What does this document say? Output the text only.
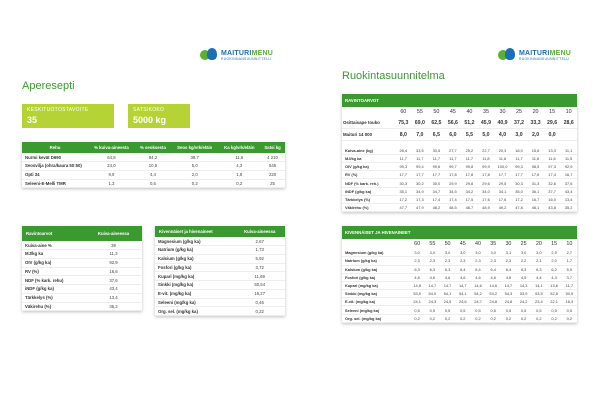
MAITURIMENU
RUOKINNANSUUNNITTELU
Aperesepti
KESKITUOTOSTAVOITE
35
SATSIKOKO
5000 kg
Rehu	% kuiva-aineesta	% seoksesta	Seos kg/vrk/eläin	Ka kg/vrk/eläin	Satsi kg
Nurmi kevät D690	64,8	84,2	38,7	11,6	4 210
Seosvilja (ohra/kaura 50:50)	24,0	10,9	5,0	4,3	545
Opti 34	9,9	4,4	2,0	1,8	220
Seleeni-E-Melli TMR	1,3	0,5	0,2	0,2	25
Ravintoarvot	Kuiva-aineessa
Kuiva-aine %	39
MJ/kg ka	11,3
OIV (g/kg ka)	92,9
RV (%)	16,6
NDF (% kark. rehu)	37,6
iNDF (g/kg ka)	43,4
Tärkkelys (%)	13,4
Väkirehu (%)	35,2
Kivennäiset ja hivenaineet	Kuiva-aineessa
Magnesium (g/kg ka)	2,67
Natrium (g/kg ka)	1,73
Kalsium (g/kg ka)	5,92
Fosfori (g/kg ka)	3,72
Kupari (mg/kg ka)	11,69
Sinkki (mg/kg ka)	50,54
E-vit. (mg/kg ka)	16,27
Seleeni (mg/kg ka)	0,46
Org. sel. (mg/kg ka)	0,22
MAITURIMENU
RUOKINNANSUUNNITTELU
Ruokintasuunnitelma
RAVINTOARVOT											
	60	55	50	45	40	35	30	25	20	15	10
Osittaisape touko	75,3	69,0	62,5	56,6	51,2	45,9	40,9	37,2	33,3	29,6	28,6
Maituri 14 000	8,0	7,0	6,5	6,0	5,5	5,0	4,0	3,0	2,0	0,0	

Kuiva-aine (kg)	26,4	33,5	30,5	27,7	25,2	22,7	20,3	18,0	15,6	13,3	11,1
MJ/kg ka	11,7	11,7	11,7	11,7	11,7	11,8	11,8	11,7	11,6	11,6	11,5
OIV (g/kg ka)	99,3	99,4	99,6	99,7	99,8	99,9	100,0	99,3	98,5	97,3	92,9
RV (%)	17,7	17,7	17,7	17,8	17,8	17,8	17,7	17,7	17,6	17,4	16,7
NDF (% kark. reh.)	30,3	30,2	30,0	29,9	29,8	29,6	29,5	30,3	31,3	32,6	37,6
iNDF (g/kg ka)	35,1	34,9	34,7	34,5	34,2	34,0	34,1	35,0	36,1	37,7	43,4
Tärkkelys (%)	17,2	17,3	17,4	17,4	17,5	17,6	17,6	17,2	16,7	16,0	13,4
Väkirehu (%)	47,7	47,9	48,2	48,5	48,7	48,9	49,2	47,8	46,1	43,8	35,2
KIVENNÄISET JA HIVENAINEET											
	60	55	50	45	40	35	30	25	20	15	10
Magnesium (g/kg ka)	3,0	3,0	3,0	3,0	3,0	3,0	3,1	3,0	3,0	2,9	2,7
Natrium (g/kg ka)	2,3	2,3	2,3	2,3	2,3	2,3	2,3	2,2	2,1	2,0	1,7
Kalsium (g/kg ka)	6,3	6,3	6,3	6,4	6,4	6,4	6,4	6,3	6,3	6,2	5,9
Fosfori (g/kg ka)	4,6	4,6	4,6	4,6	4,6	4,6	4,6	4,5	4,4	4,3	3,7
Kupari (mg/kg ka)	14,8	14,7	14,7	14,7	14,6	14,6	14,7	14,3	14,1	13,6	11,7
Sinkki (mg/kg ka)	53,9	54,0	54,1	54,1	54,2	54,2	54,3	53,9	53,5	52,8	50,5
E-vit. (mg/kg ka)	24,1	24,3	24,5	24,6	24,7	24,8	24,8	24,2	23,4	22,1	16,3
Seleeni (mg/kg ka)	0,5	0,5	0,5	0,5	0,5	0,5	0,5	0,5	0,5	0,5	0,5
Org. sel. (mg/kg ka)	0,2	0,2	0,2	0,2	0,2	0,2	0,2	0,2	0,2	0,2	0,2
